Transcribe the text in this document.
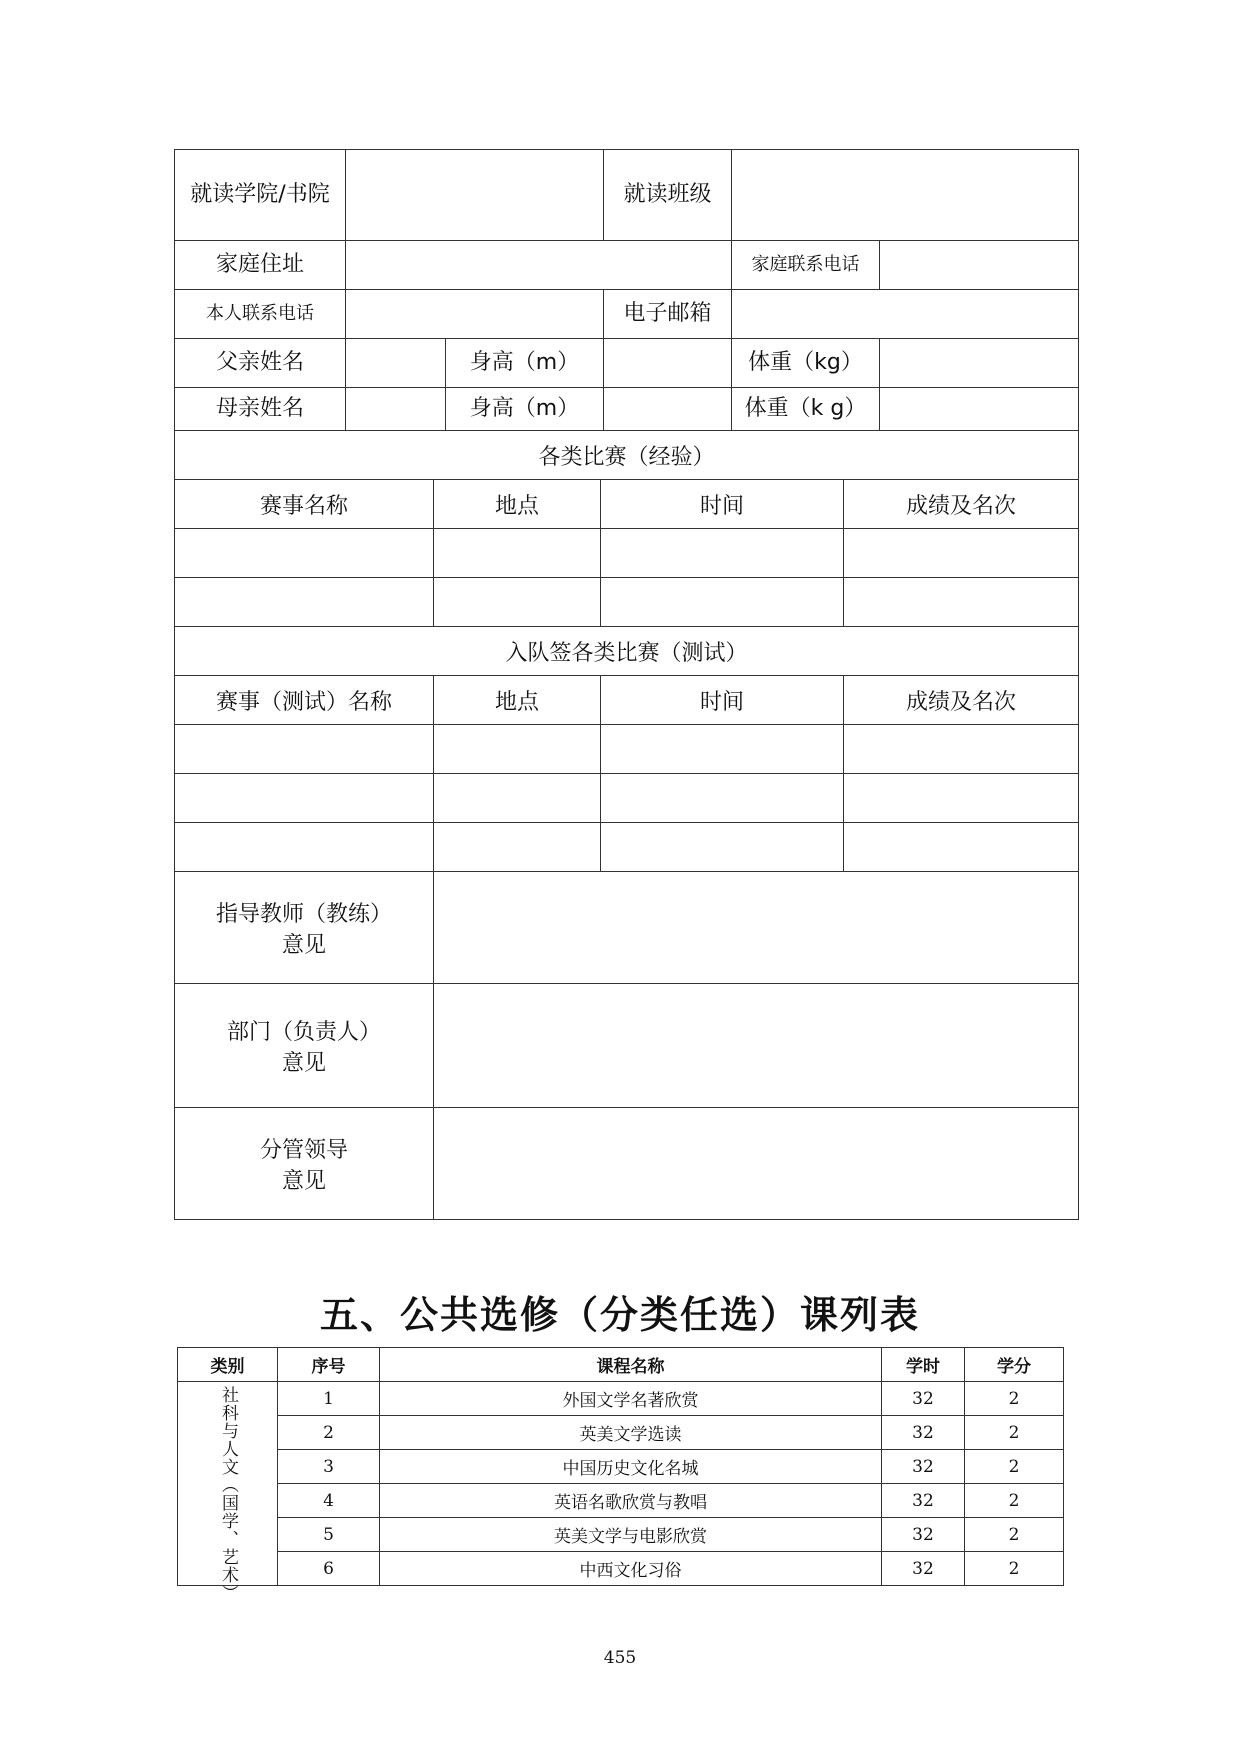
就读学院/书院			就读班级		
家庭住址				家庭联系电话	
本人联系电话			电子邮箱		
父亲姓名		身高（m）		体重（kg）	
母亲姓名		身高（m）		体重（k g）	
各类比赛（经验）			
赛事名称	地点	时间	成绩及名次

入队签各类比赛（测试）			
赛事（测试）名称	地点	时间	成绩及名次

指导教师（教练）
意见			

部门（负责人）
意见			

分管领导
意见			

五、公共选修（分类任选）课列表
类别	序号	课程名称	学时	学分

社科与人文（国学、艺术）	1	外国文学名著欣赏	32	2
	2	英美文学选读	32	2
	3	中国历史文化名城	32	2
	4	英语名歌欣赏与教唱	32	2
	5	英美文学与电影欣赏	32	2
	6	中西文化习俗	32	2
455
